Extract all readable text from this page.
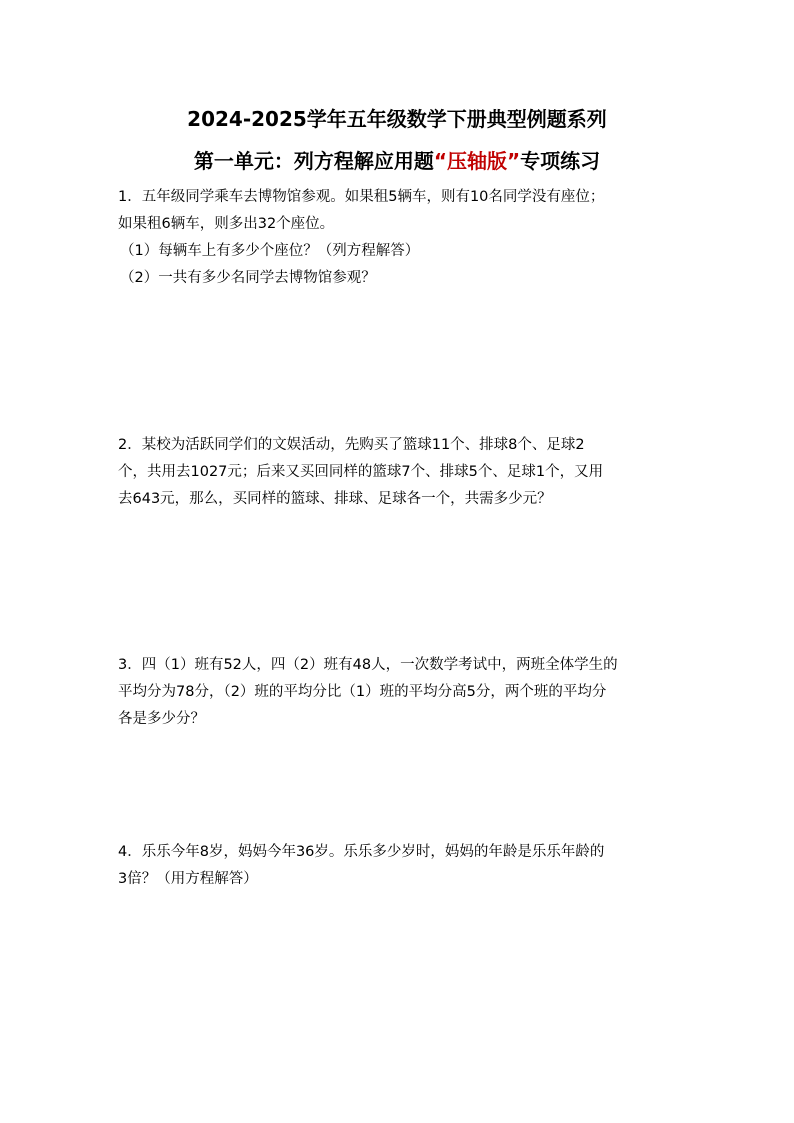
2024-2025学年五年级数学下册典型例题系列
第一单元：列方程解应用题“压轴版”专项练习
1．五年级同学乘车去博物馆参观。如果租5辆车，则有10名同学没有座位；
如果租6辆车，则多出32个座位。
（1）每辆车上有多少个座位？（列方程解答）
（2）一共有多少名同学去博物馆参观？
2．某校为活跃同学们的文娱活动，先购买了篮球11个、排球8个、足球2
个，共用去1027元；后来又买回同样的篮球7个、排球5个、足球1个，又用
去643元，那么，买同样的篮球、排球、足球各一个，共需多少元？
3．四（1）班有52人，四（2）班有48人，一次数学考试中，两班全体学生的
平均分为78分，（2）班的平均分比（1）班的平均分高5分，两个班的平均分
各是多少分？
4．乐乐今年8岁，妈妈今年36岁。乐乐多少岁时，妈妈的年龄是乐乐年龄的
3倍？（用方程解答）
